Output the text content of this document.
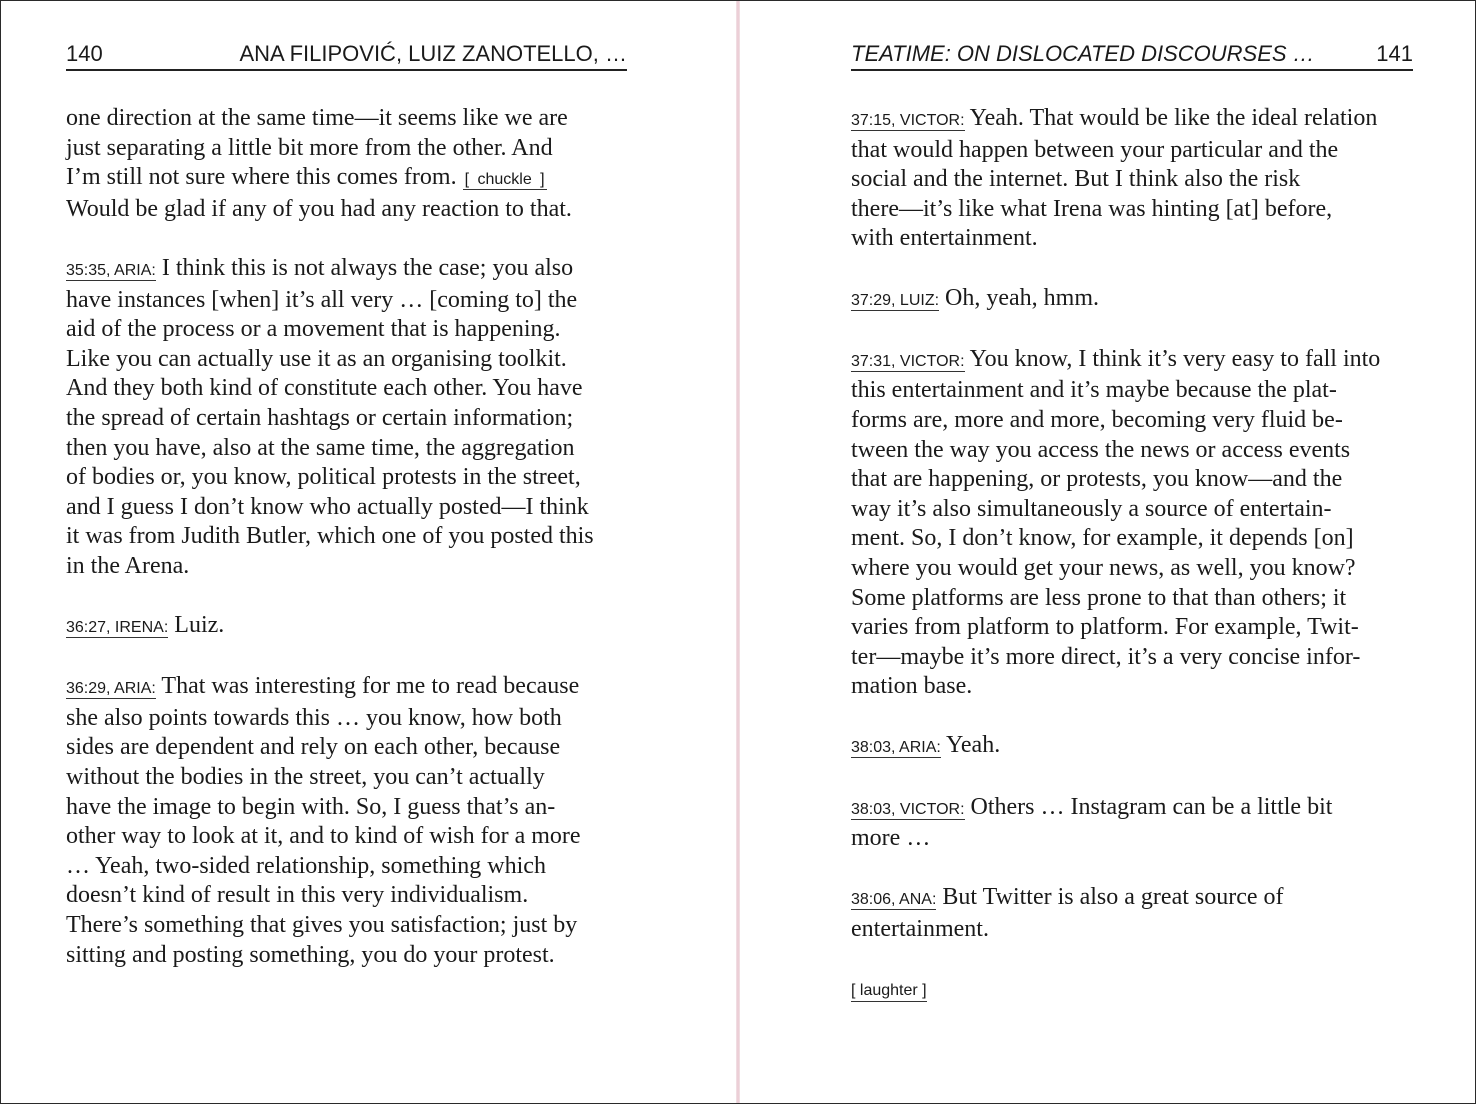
140	ANA FILIPOVIĆ, LUIZ ZANOTELLO, …

one direction at the same time—it seems like we are
just separating a little bit more from the other. And
I’m still not sure where this comes from. [ chuckle ]
Would be glad if any of you had any reaction to that.

35:35, ARIA: I think this is not always the case; you also
have instances [when] it’s all very … [coming to] the
aid of the process or a movement that is happening.
Like you can actually use it as an organising toolkit.
And they both kind of constitute each other. You have
the spread of certain hashtags or certain information;
then you have, also at the same time, the aggregation
of bodies or, you know, political protests in the street,
and I guess I don’t know who actually posted—I think
it was from Judith Butler, which one of you posted this
in the Arena.

36:27, IRENA: Luiz.

36:29, ARIA: That was interesting for me to read because
she also points towards this … you know, how both
sides are dependent and rely on each other, because
without the bodies in the street, you can’t actually
have the image to begin with. So, I guess that’s an-
other way to look at it, and to kind of wish for a more
… Yeah, two-sided relationship, something which
doesn’t kind of result in this very individualism.
There’s something that gives you satisfaction; just by
sitting and posting something, you do your protest.

TEATIME: ON DISLOCATED DISCOURSES …	141

37:15, VICTOR: Yeah. That would be like the ideal relation
that would happen between your particular and the
social and the internet. But I think also the risk
there—it’s like what Irena was hinting [at] before,
with entertainment.

37:29, LUIZ: Oh, yeah, hmm.

37:31, VICTOR: You know, I think it’s very easy to fall into
this entertainment and it’s maybe because the plat-
forms are, more and more, becoming very fluid be-
tween the way you access the news or access events
that are happening, or protests, you know—and the
way it’s also simultaneously a source of entertain-
ment. So, I don’t know, for example, it depends [on]
where you would get your news, as well, you know?
Some platforms are less prone to that than others; it
varies from platform to platform. For example, Twit-
ter—maybe it’s more direct, it’s a very concise infor-
mation base.

38:03, ARIA: Yeah.

38:03, VICTOR: Others … Instagram can be a little bit
more …

38:06, ANA: But Twitter is also a great source of
entertainment.

[ laughter ]
